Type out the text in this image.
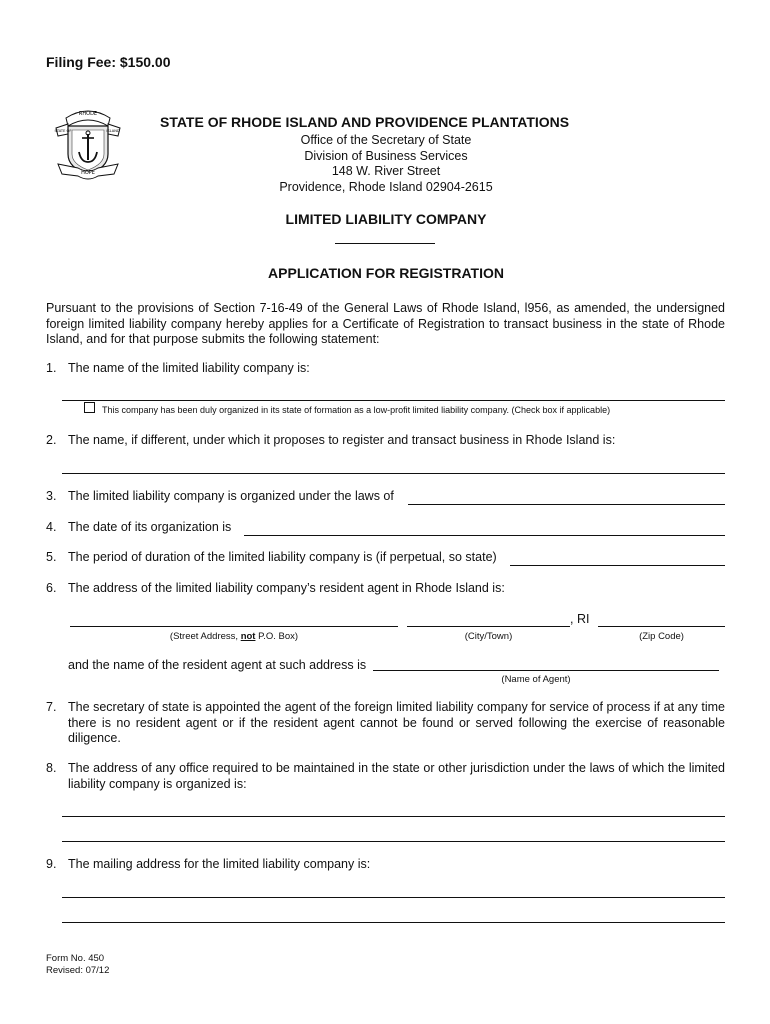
Filing Fee: $150.00
RHODE
STATE OF	ISLAND
HOPE
STATE OF RHODE ISLAND AND PROVIDENCE PLANTATIONS
Office of the Secretary of State
Division of Business Services
148 W. River Street
Providence, Rhode Island 02904-2615
LIMITED LIABILITY COMPANY
APPLICATION FOR REGISTRATION
Pursuant to the provisions of Section 7-16-49 of the General Laws of Rhode Island, l956, as amended, the undersigned foreign limited liability company hereby applies for a Certificate of Registration to transact business in the state of Rhode Island, and for that purpose submits the following statement:
1. The name of the limited liability company is:
This company has been duly organized in its state of formation as a low-profit limited liability company. (Check box if applicable)
2. The name, if different, under which it proposes to register and transact business in Rhode Island is:
3. The limited liability company is organized under the laws of
4. The date of its organization is
5. The period of duration of the limited liability company is (if perpetual, so state)
6. The address of the limited liability company’s resident agent in Rhode Island is:
, RI
(Street Address, not P.O. Box)	(City/Town)	(Zip Code)
and the name of the resident agent at such address is
(Name of Agent)
7. The secretary of state is appointed the agent of the foreign limited liability company for service of process if at any time there is no resident agent or if the resident agent cannot be found or served following the exercise of reasonable diligence.
8. The address of any office required to be maintained in the state or other jurisdiction under the laws of which the limited liability company is organized is:
9. The mailing address for the limited liability company is:
Form No. 450
Revised: 07/12
